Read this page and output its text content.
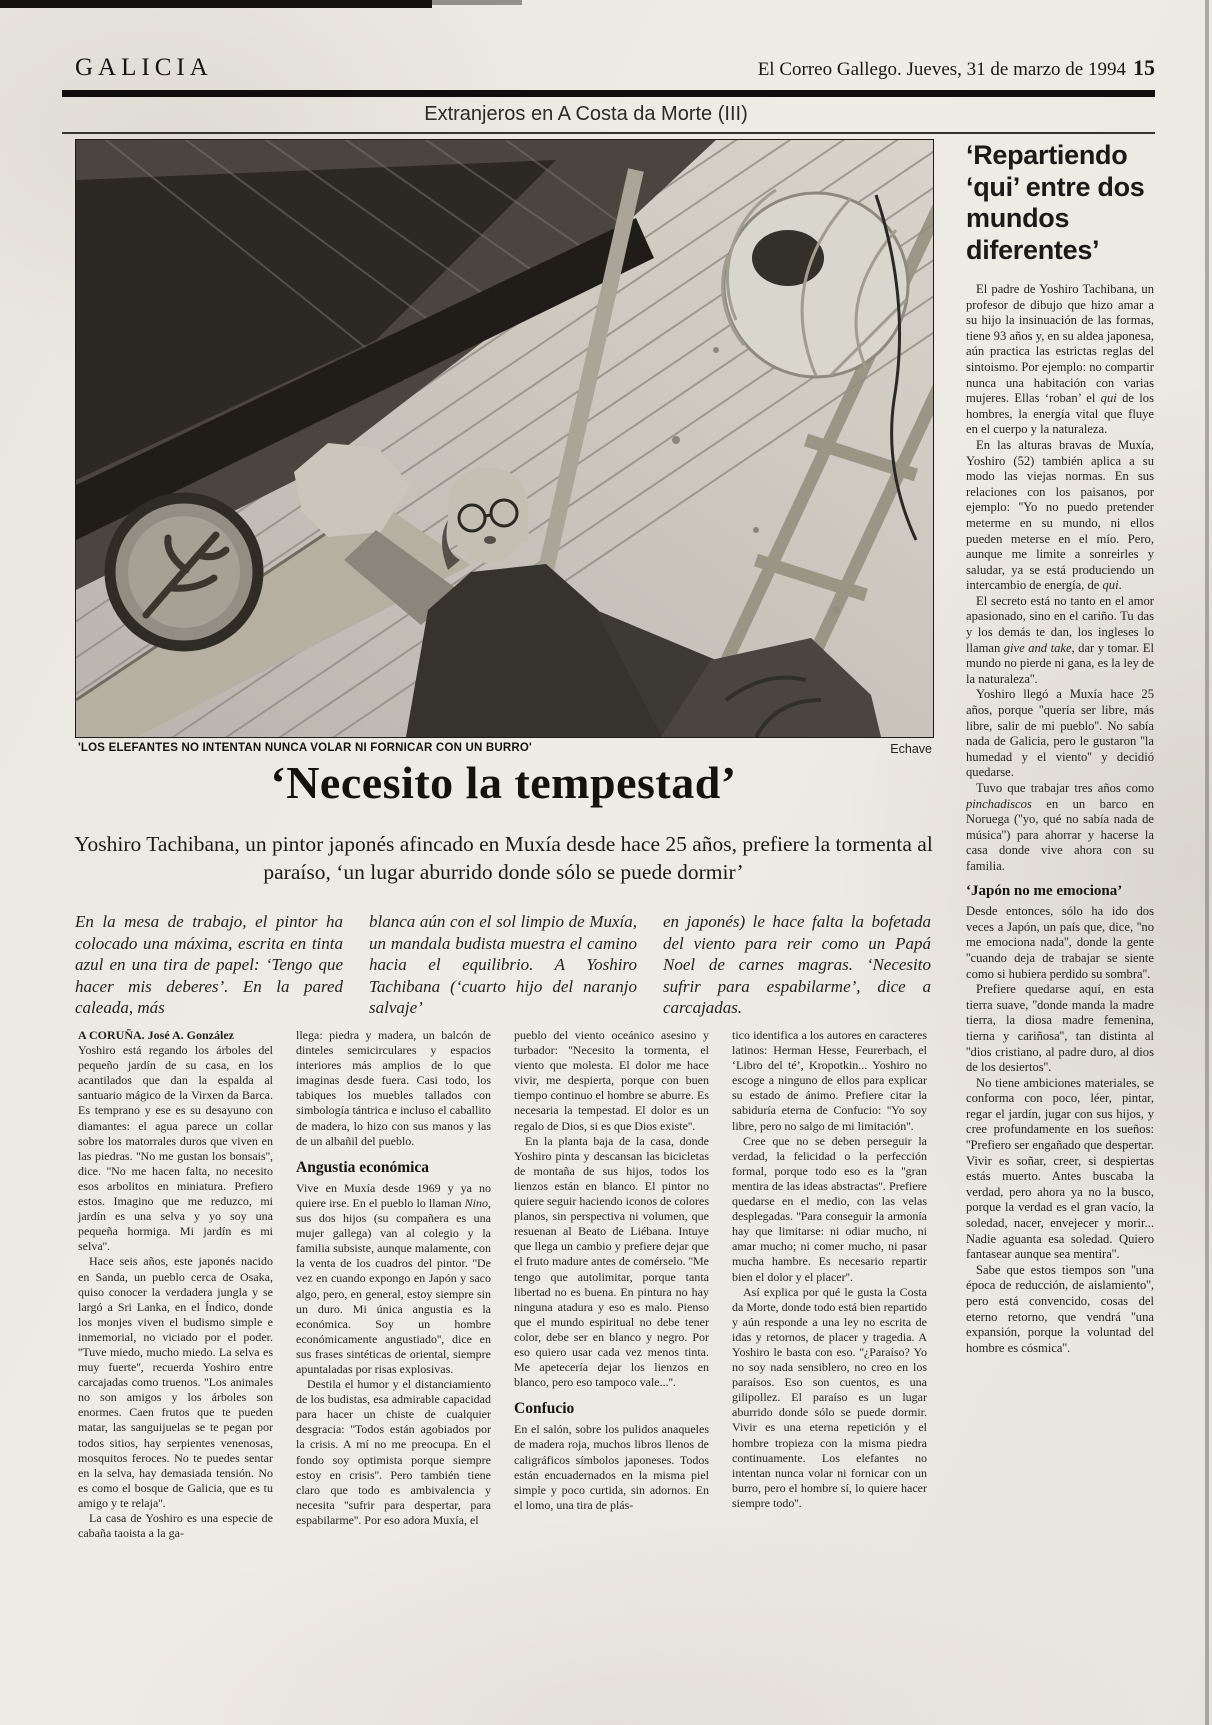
GALICIA	El Correo Gallego. Jueves, 31 de marzo de 1994 15
Extranjeros en A Costa da Morte (III)
'LOS ELEFANTES NO INTENTAN NUNCA VOLAR NI FORNICAR CON UN BURRO'	Echave
‘Necesito la tempestad’

Yoshiro Tachibana, un pintor japonés afincado en Muxía desde hace 25 años, prefiere la tormenta al paraíso, ‘un lugar aburrido donde sólo se puede dormir’

En la mesa de trabajo, el pintor ha colocado una máxima, escrita en tinta azul en una tira de papel: ‘Tengo que hacer mis deberes’. En la pared caleada, más
blanca aún con el sol limpio de Muxía, un mandala budista muestra el camino hacia el equilibrio. A Yoshiro Tachibana (‘cuarto hijo del naranjo salvaje’
en japonés) le hace falta la bofetada del viento para reir como un Papá Noel de carnes magras. ‘Necesito sufrir para espabilarme’, dice a carcajadas.

A CORUÑA. José A. González

Yoshiro está regando los árboles del pequeño jardín de su casa, en los acantilados que dan la espalda al santuario mágico de la Virxen da Barca. Es temprano y ese es su desayuno con diamantes: el agua parece un collar sobre los matorrales duros que viven en las piedras. ''No me gustan los bonsais'', dice. ''No me hacen falta, no necesito esos arbolitos en miniatura. Prefiero estos. Imagino que me reduzco, mi jardín es una selva y yo soy una pequeña hormiga. Mi jardín es mi selva''.

Hace seis años, este japonés nacido en Sanda, un pueblo cerca de Osaka, quiso conocer la verdadera jungla y se largó a Sri Lanka, en el Índico, donde los monjes viven el budismo simple e inmemorial, no viciado por el poder. ''Tuve miedo, mucho miedo. La selva es muy fuerte'', recuerda Yoshiro entre carcajadas como truenos. ''Los animales no son amigos y los árboles son enormes. Caen frutos que te pueden matar, las sanguijuelas se te pegan por todos sitios, hay serpientes venenosas, mosquitos feroces. No te puedes sentar en la selva, hay demasiada tensión. No es como el bosque de Galicia, que es tu amigo y te relaja''.

La casa de Yoshiro es una especie de cabaña taoista a la ga-

llega: piedra y madera, un balcón de dinteles semicirculares y espacios interiores más amplios de lo que imaginas desde fuera. Casi todo, los tabiques los muebles tallados con simbología tántrica e incluso el caballito de madera, lo hizo con sus manos y las de un albañil del pueblo.

Angustia económica

Vive en Muxía desde 1969 y ya no quiere irse. En el pueblo lo llaman Nino, sus dos hijos (su compañera es una mujer gallega) van al colegio y la familia subsiste, aunque malamente, con la venta de los cuadros del pintor. ''De vez en cuando expongo en Japón y saco algo, pero, en general, estoy siempre sin un duro. Mi única angustia es la económica. Soy un hombre económicamente angustiado'', dice en sus frases sintéticas de oriental, siempre apuntaladas por risas explosivas.

Destila el humor y el distanciamiento de los budistas, esa admirable capacidad para hacer un chiste de cualquier desgracia: ''Todos están agobiados por la crisis. A mí no me preocupa. En el fondo soy optimista porque siempre estoy en crisis''. Pero también tiene claro que todo es ambivalencia y necesita ''sufrir para despertar, para espabilarme''. Por eso adora Muxía, el

pueblo del viento oceánico asesino y turbador: ''Necesito la tormenta, el viento que molesta. El dolor me hace vivir, me despierta, porque con buen tiempo continuo el hombre se aburre. Es necesaria la tempestad. El dolor es un regalo de Dios, si es que Dios existe''.

En la planta baja de la casa, donde Yoshiro pinta y descansan las bicicletas de montaña de sus hijos, todos los lienzos están en blanco. El pintor no quiere seguir haciendo iconos de colores planos, sin perspectiva ni volumen, que resuenan al Beato de Liébana. Intuye que llega un cambio y prefiere dejar que el fruto madure antes de comérselo. ''Me tengo que autolimitar, porque tanta libertad no es buena. En pintura no hay ninguna atadura y eso es malo. Pienso que el mundo espiritual no debe tener color, debe ser en blanco y negro. Por eso quiero usar cada vez menos tinta. Me apetecería dejar los lienzos en blanco, pero eso tampoco vale...''.

Confucio

En el salón, sobre los pulidos anaqueles de madera roja, muchos libros llenos de caligráficos símbolos japoneses. Todos están encuadernados en la misma piel simple y poco curtida, sin adornos. En el lomo, una tira de plás-

tico identifica a los autores en caracteres latinos: Herman Hesse, Feurerbach, el ‘Libro del té’, Kropotkin... Yoshiro no escoge a ninguno de ellos para explicar su estado de ánimo. Prefiere citar la sabiduría eterna de Confucio: ''Yo soy libre, pero no salgo de mi limitación''.

Cree que no se deben perseguir la verdad, la felicidad o la perfección formal, porque todo eso es la ''gran mentira de las ideas abstractas''. Prefiere quedarse en el medio, con las velas desplegadas. ''Para conseguir la armonía hay que limitarse: ni odiar mucho, ni amar mucho; ni comer mucho, ni pasar mucha hambre. Es necesario repartir bien el dolor y el placer''.

Así explica por qué le gusta la Costa da Morte, donde todo está bien repartido y aún responde a una ley no escrita de idas y retornos, de placer y tragedia. A Yoshiro le basta con eso. ''¿Paraíso? Yo no soy nada sensiblero, no creo en los paraísos. Eso son cuentos, es una gilipollez. El paraíso es un lugar aburrido donde sólo se puede dormir. Vivir es una eterna repetición y el hombre tropieza con la misma piedra continuamente. Los elefantes no intentan nunca volar ni fornicar con un burro, pero el hombre sí, lo quiere hacer siempre todo''.

‘Repartiendo ‘qui’ entre dos mundos diferentes’

El padre de Yoshiro Tachibana, un profesor de dibujo que hizo amar a su hijo la insinuación de las formas, tiene 93 años y, en su aldea japonesa, aún practica las estrictas reglas del sintoismo. Por ejemplo: no compartir nunca una habitación con varias mujeres. Ellas ‘roban’ el qui de los hombres, la energía vital que fluye en el cuerpo y la naturaleza.

En las alturas bravas de Muxía, Yoshiro (52) también aplica a su modo las viejas normas. En sus relaciones con los paisanos, por ejemplo: ''Yo no puedo pretender meterme en su mundo, ni ellos pueden meterse en el mío. Pero, aunque me limite a sonreirles y saludar, ya se está produciendo un intercambio de energía, de qui.

El secreto está no tanto en el amor apasionado, sino en el cariño. Tu das y los demás te dan, los ingleses lo llaman give and take, dar y tomar. El mundo no pierde ni gana, es la ley de la naturaleza''.

Yoshiro llegó a Muxía hace 25 años, porque ''quería ser libre, más libre, salir de mi pueblo''. No sabía nada de Galicia, pero le gustaron ''la humedad y el viento'' y decidió quedarse.

Tuvo que trabajar tres años como pinchadiscos en un barco en Noruega (''yo, qué no sabía nada de música'') para ahorrar y hacerse la casa donde vive ahora con su familia.

‘Japón no me emociona’

Desde entonces, sólo ha ido dos veces a Japón, un país que, dice, ''no me emociona nada'', donde la gente ''cuando deja de trabajar se siente como si hubiera perdido su sombra''.

Prefiere quedarse aquí, en esta tierra suave, ''donde manda la madre tierra, la diosa madre femenina, tierna y cariñosa'', tan distinta al ''dios cristiano, al padre duro, al dios de los desiertos''.

No tiene ambiciones materiales, se conforma con poco, léer, pintar, regar el jardín, jugar con sus hijos, y cree profundamente en los sueños: ''Prefiero ser engañado que despertar. Vivir es soñar, creer, si despiertas estás muerto. Antes buscaba la verdad, pero ahora ya no la busco, porque la verdad es el gran vacío, la soledad, nacer, envejecer y morir... Nadie aguanta esa soledad. Quiero fantasear aunque sea mentira''.

Sabe que estos tiempos son ''una época de reducción, de aislamiento'', pero está convencido, cosas del eterno retorno, que vendrá ''una expansión, porque la voluntad del hombre es cósmica''.
